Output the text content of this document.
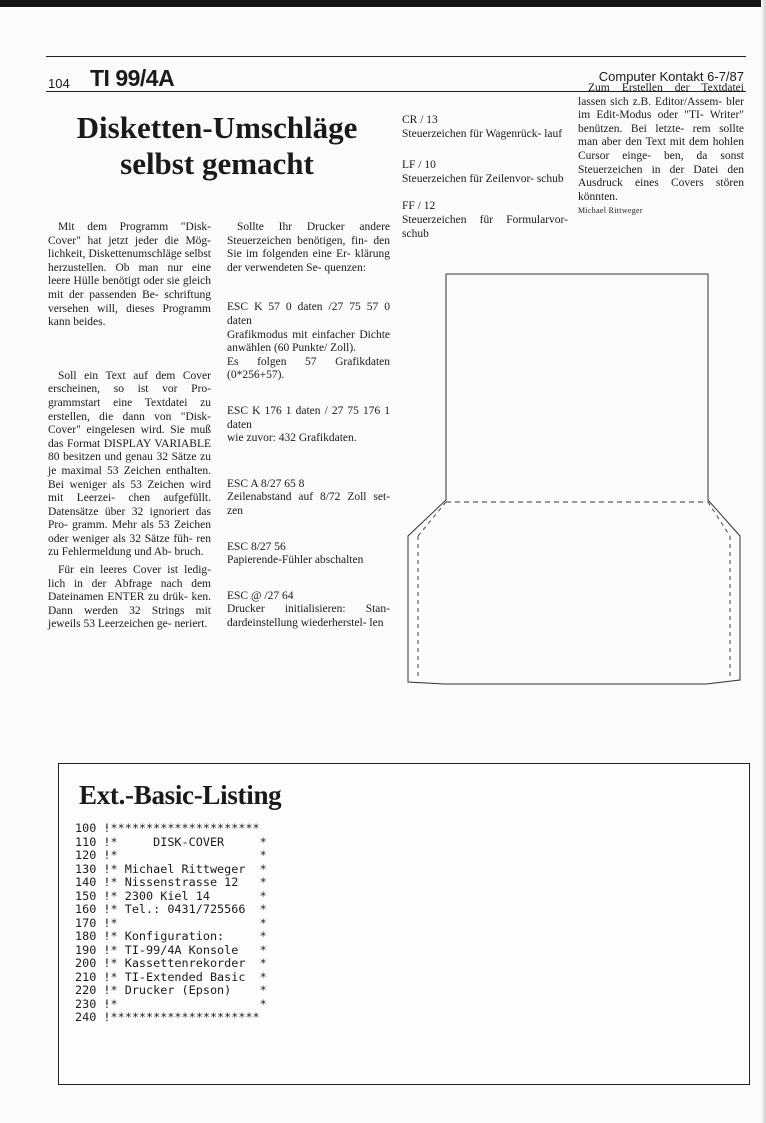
104 TI 99/4A	Computer Kontakt 6-7/87
Disketten-Umschläge
selbst gemacht

Mit dem Programm "Disk- Cover" hat jetzt jeder die Mög- lichkeit, Diskettenumschläge selbst herzustellen. Ob man nur eine leere Hülle benötigt oder sie gleich mit der passenden Be- schriftung versehen will, dieses Programm kann beides.

Soll ein Text auf dem Cover erscheinen, so ist vor Pro- grammstart eine Textdatei zu erstellen, die dann von "Disk- Cover" eingelesen wird. Sie muß das Format DISPLAY VARIABLE 80 besitzen und genau 32 Sätze zu je maximal 53 Zeichen enthalten. Bei weniger als 53 Zeichen wird mit Leerzei- chen aufgefüllt. Datensätze über 32 ignoriert das Pro- gramm. Mehr als 53 Zeichen oder weniger als 32 Sätze füh- ren zu Fehlermeldung und Ab- bruch.

Für ein leeres Cover ist ledig- lich in der Abfrage nach dem Dateinamen ENTER zu drük- ken. Dann werden 32 Strings mit jeweils 53 Leerzeichen ge- neriert.

Sollte Ihr Drucker andere Steuerzeichen benötigen, fin- den Sie im folgenden eine Er- klärung der verwendeten Se- quenzen:

ESC K 57 0 daten /27 75 57 0 daten

Grafikmodus mit einfacher Dichte anwählen (60 Punkte/ Zoll).
Es folgen 57 Grafikdaten (0*256+57).

ESC K 176 1 daten / 27 75 176 1 daten

wie zuvor: 432 Grafikdaten.

ESC A 8/27 65 8

Zeilenabstand auf 8/72 Zoll set- zen

ESC 8/27 56

Papierende-Fühler abschalten

ESC @ /27 64

Drucker initialisieren: Stan- dardeinstellung wiederherstel- len

CR / 13

Steuerzeichen für Wagenrück- lauf

LF / 10

Steuerzeichen für Zeilenvor- schub

FF / 12

Steuerzeichen für Formularvor- schub

Zum Erstellen der Textdatei lassen sich z.B. Editor/Assem- bler im Edit-Modus oder "TI- Writer" benützen. Bei letzte- rem sollte man aber den Text mit dem hohlen Cursor einge- ben, da sonst Steuerzeichen in der Datei den Ausdruck eines Covers stören könnten.

Michael Rittweger

Ext.-Basic-Listing
100 !*********************
110 !*     DISK-COVER     *
120 !*                    *
130 !* Michael Rittweger  *
140 !* Nissenstrasse 12   *
150 !* 2300 Kiel 14       *
160 !* Tel.: 0431/725566  *
170 !*                    *
180 !* Konfiguration:     *
190 !* TI-99/4A Konsole   *
200 !* Kassettenrekorder  *
210 !* TI-Extended Basic  *
220 !* Drucker (Epson)    *
230 !*                    *
240 !*********************
